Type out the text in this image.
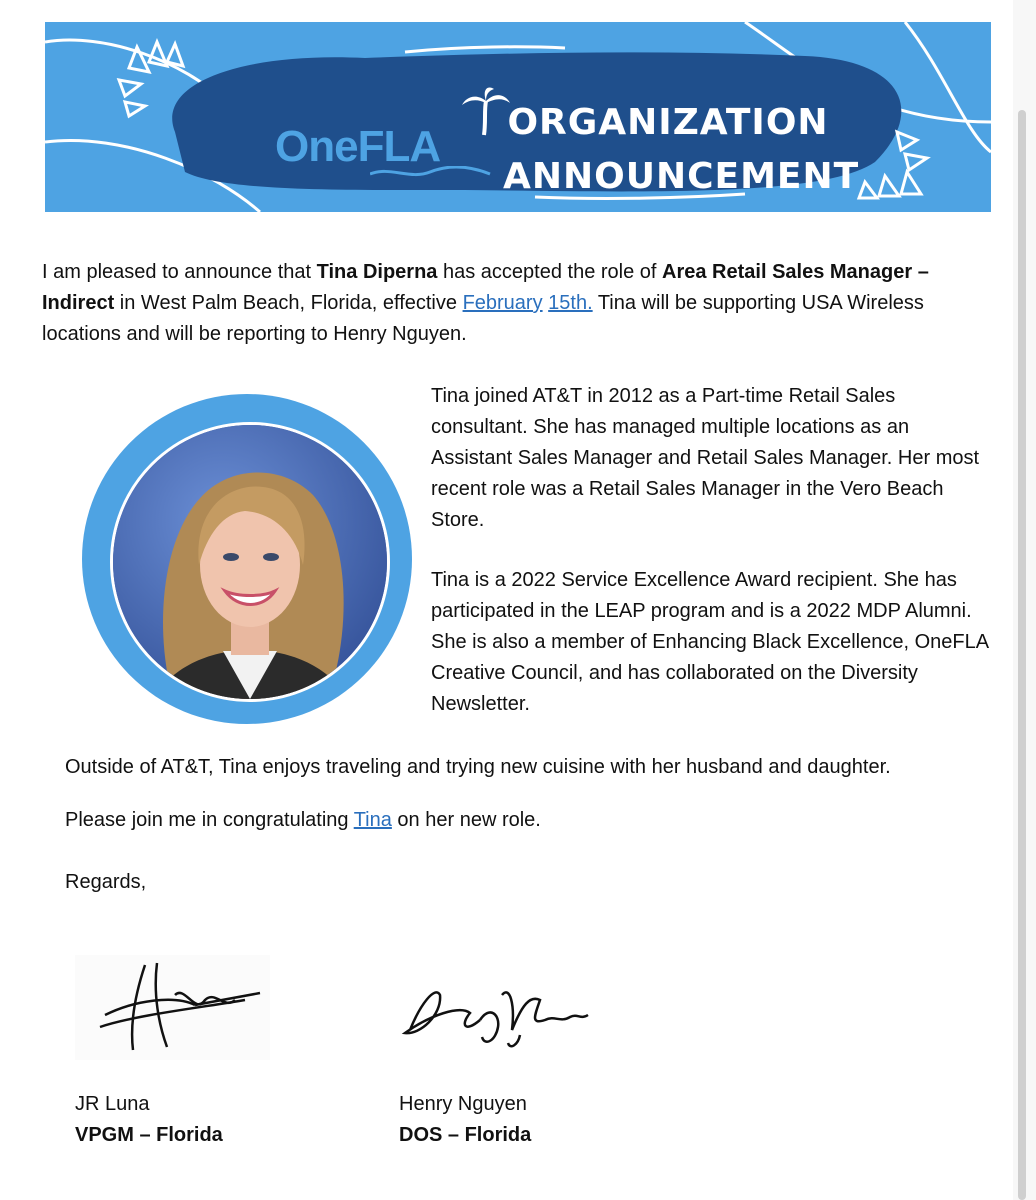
OneFLA ORGANIZATION
ANNOUNCEMENT
I am pleased to announce that Tina Diperna has accepted the role of Area Retail Sales Manager – Indirect in West Palm Beach, Florida, effective February 15th. Tina will be supporting USA Wireless locations and will be reporting to Henry Nguyen.
Tina joined AT&T in 2012 as a Part-time Retail Sales consultant. She has managed multiple locations as an Assistant Sales Manager and Retail Sales Manager. Her most recent role was a Retail Sales Manager in the Vero Beach Store.
Tina is a 2022 Service Excellence Award recipient. She has participated in the LEAP program and is a 2022 MDP Alumni. She is also a member of Enhancing Black Excellence, OneFLA Creative Council, and has collaborated on the Diversity Newsletter.
Outside of AT&T, Tina enjoys traveling and trying new cuisine with her husband and daughter.
Please join me in congratulating Tina on her new role.
Regards,
JR Luna
VPGM – Florida
Henry Nguyen
DOS – Florida
